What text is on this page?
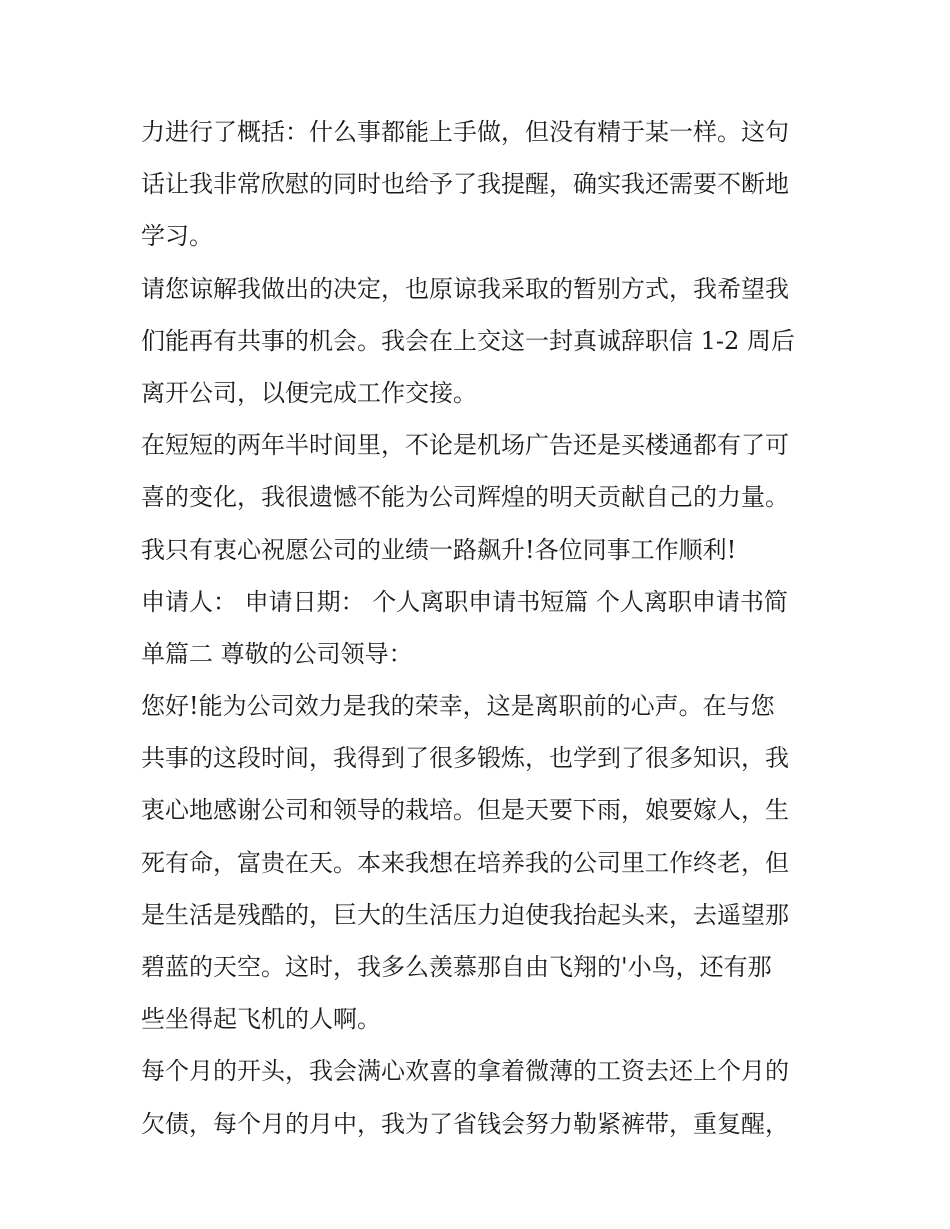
力进行了概括：什么事都能上手做，但没有精于某一样。这句
话让我非常欣慰的同时也给予了我提醒，确实我还需要不断地
学习。
请您谅解我做出的决定，也原谅我采取的暂别方式，我希望我
们能再有共事的机会。我会在上交这一封真诚辞职信 1-2 周后
离开公司，以便完成工作交接。
在短短的两年半时间里，不论是机场广告还是买楼通都有了可
喜的变化，我很遗憾不能为公司辉煌的明天贡献自己的力量。
我只有衷心祝愿公司的业绩一路飙升!各位同事工作顺利!
申请人： 申请日期： 个人离职申请书短篇 个人离职申请书简
单篇二 尊敬的公司领导：
您好!能为公司效力是我的荣幸，这是离职前的心声。在与您
共事的这段时间，我得到了很多锻炼，也学到了很多知识，我
衷心地感谢公司和领导的栽培。但是天要下雨，娘要嫁人，生
死有命，富贵在天。本来我想在培养我的公司里工作终老，但
是生活是残酷的，巨大的生活压力迫使我抬起头来，去遥望那
碧蓝的天空。这时，我多么羡慕那自由飞翔的'小鸟，还有那
些坐得起飞机的人啊。
每个月的开头，我会满心欢喜的拿着微薄的工资去还上个月的
欠债，每个月的月中，我为了省钱会努力勒紧裤带，重复醒，
